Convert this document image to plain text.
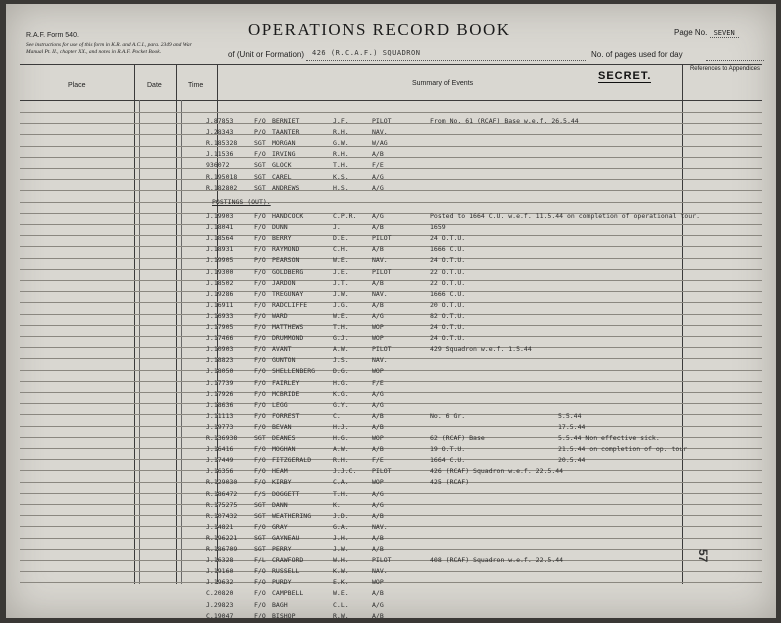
R.A.F. Form 540.
See instructions for use of this form in K.R. and A.C.I., para. 2349 and War Manual Pt. II., chapter XX., and notes in R.A.F. Pocket Book.
OPERATIONS RECORD BOOK	Page No. SEVEN
of (Unit or Formation) 426 (R.C.A.F.) SQUADRON	No. of pages used for day
Place	Date	Time	Summary of Events
SECRET.
References to Appendices
J.87853	F/O BERNIET	J.F.	PILOT	From No. 61 (RCAF) Base w.e.f. 26.5.44
J.28343	P/O TAANTER	R.H.	NAV.
R.185328	SGT MORGAN	G.W.	W/AG
J.11536	F/O IRVING	R.H.	A/B
936072	SGT GLOCK	T.H.	F/E
R.195018	SGT CAREL	K.S.	A/G
R.182802	SGT ANDREWS	H.S.	A/G
POSTINGS (OUT).
J.19903	F/O HANDCOCK	C.P.R. A/G	Posted to 1664 C.U. w.e.f. 11.5.44 on completion of operational tour.
J.18041	F/O DUNN	J.	A/B	1659
J.18564	F/O BERRY	D.E.	PILOT	24 O.T.U.
J.18931	F/O RAYMOND	C.H.	A/B	1666 C.U.
J.19905	P/O PEARSON	W.E.	NAV.	24 O.T.U.
J.19300	F/O GOLDBERG	J.E.	PILOT	22 O.T.U.
J.18502	F/O JARDON	J.T.	A/B	22 O.T.U.
J.19286	F/O TREGUNAY	J.W.	NAV.	1666 C.U.
J.16911	F/O RADCLIFFE	J.G.	A/B	20 O.T.U.
J.16933	F/O WARD	W.E.	A/G	82 O.T.U.
J.17905	F/O MATTHEWS	T.H.	WOP	24 O.T.U.
J.17466	F/O DRUMMOND	G.J.	WOP	24 O.T.U.
J.10903	F/O AVANT	A.W.	PILOT	429 Squadron w.e.f. 1.5.44
J.18823	F/O GUNTON	J.S.	NAV.
J.18050	F/O SHELLENBERG	D.G.	WOP
J.17739	F/O FAIRLEY	H.G.	F/E
J.17926	F/O MCBRIDE	K.G.	A/G
J.18636	F/O LEGG	G.Y.	A/G
J.11113	F/O FORREST	C.	A/B	No. 6 Gr.	5.5.44
J.19773	F/O BEVAN	H.J.	A/B	17.5.44
R.136938	SGT DEANES	H.G.	WOP	62 (RCAF) Base	5.5.44 Non effective sick.
J.16416	F/O MOGHAN	A.W.	A/B	19 O.T.U.	21.5.44 on completion of op. tour
J.17449	F/O FITZGERALD	R.H.	F/E	1664 C.U.	20.5.44
J.16356	F/O HEAM	J.J.C. PILOT	426 (RCAF) Squadron w.e.f. 22.5.44
R.129030	F/O KIRBY	C.A.	WOP	425 (RCAF)
R.186472	F/S DOGGETT	T.H.	A/G
R.175275	SGT DANN	K.	A/G
R.107432	SGT WEATHERING	J.D.	A/B
J.14821	F/O GRAY	G.A.	NAV.
R.196221	SGT GAYNEAU	J.H.	A/B
R.186709	SGT PERRY	J.W.	A/B
J.16328	F/L CRAWFORD	W.H.	PILOT	408 (RCAF) Squadron w.e.f. 22.5.44
J.19160	F/O RUSSELL	K.W.	NAV.
J.19632	F/O PURDY	E.K.	WOP
C.20820	F/O CAMPBELL	W.E.	A/B
J.29823	F/O BAGH	C.L.	A/G
C.19047	F/O BISHOP	R.W.	A/B
57
